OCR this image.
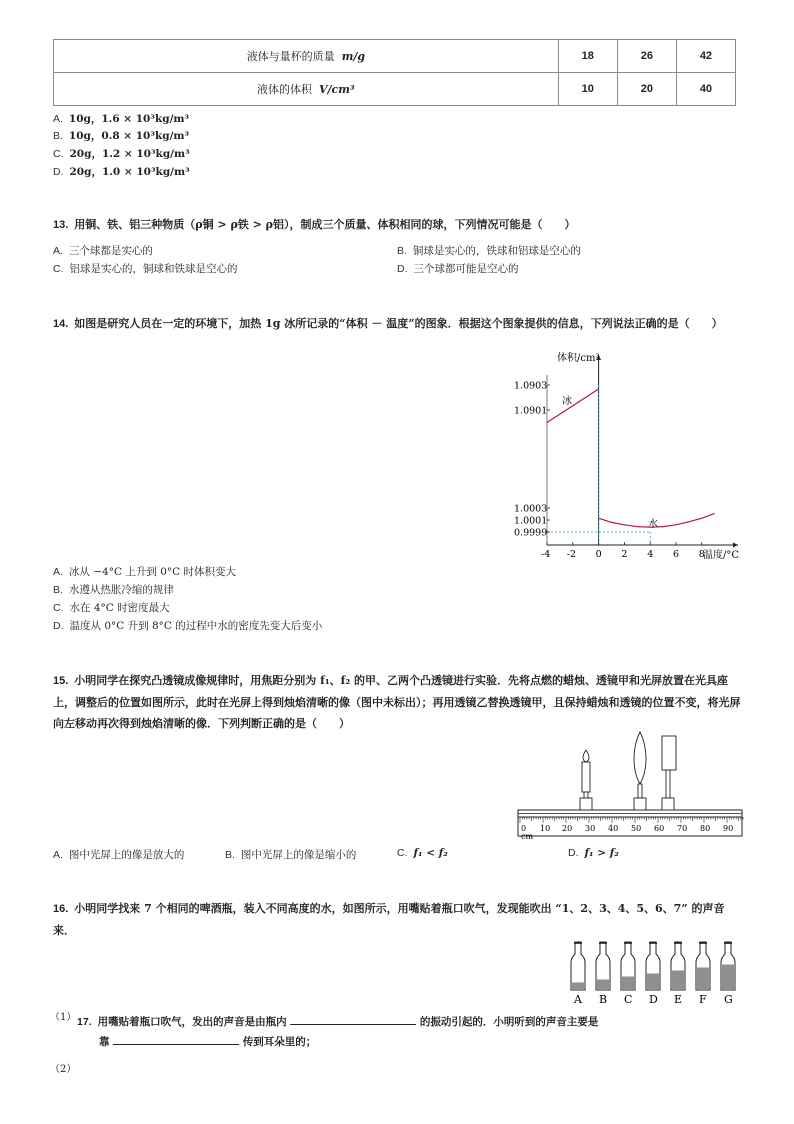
液体与量杯的质量 m/g	18	26	42
液体的体积 V/cm³	10	20	40
A. 10g，1.6 × 10³kg/m³
B. 10g，0.8 × 10³kg/m³
C. 20g，1.2 × 10³kg/m³
D. 20g，1.0 × 10³kg/m³
13. 用铜、铁、铝三种物质（ρ铜 > ρ铁 > ρ铝），制成三个质量、体积相同的球，下列情况可能是（　　）
A. 三个球都是实心的	B. 铜球是实心的，铁球和铝球是空心的
C. 铝球是实心的，铜球和铁球是空心的	D. 三个球都可能是空心的
14. 如图是研究人员在一定的环境下，加热 1g 冰所记录的“体积 － 温度”的图象．根据这个图象提供的信息，下列说法正确的是（　　）
-4 -2 0 2 4 6 8
0.9999
1.0001
1.0003
1.0901
1.0903
体积/cm³
温度/°C
冰
水
A. 冰从 −4°C 上升到 0°C 时体积变大
B. 水遵从热胀冷缩的规律
C. 水在 4°C 时密度最大
D. 温度从 0°C 升到 8°C 的过程中水的密度先变大后变小
15. 小明同学在探究凸透镜成像规律时，用焦距分别为 f₁、f₂ 的甲、乙两个凸透镜进行实验．先将点燃的蜡烛、透镜甲和光屏放置在光具座上，调整后的位置如图所示，此时在光屏上得到烛焰清晰的像（图中未标出）；再用透镜乙替换透镜甲，且保持蜡烛和透镜的位置不变，将光屏向左移动再次得到烛焰清晰的像．下列判断正确的是（　　）
0 10 20 30 40 50 60 70 80 90
cm
A. 图中光屏上的像是放大的	B. 图中光屏上的像是缩小的	C. f₁ < f₂	D. f₁ > f₂
16. 小明同学找来 7 个相同的啤酒瓶，装入不同高度的水，如图所示，用嘴贴着瓶口吹气，发现能吹出 “1、2、3、4、5、6、7” 的声音来．
A B C D E F G
（1） 17. 用嘴贴着瓶口吹气，发出的声音是由瓶内	的振动引起的．小明听到的声音主要是
靠	传到耳朵里的；
（2）
